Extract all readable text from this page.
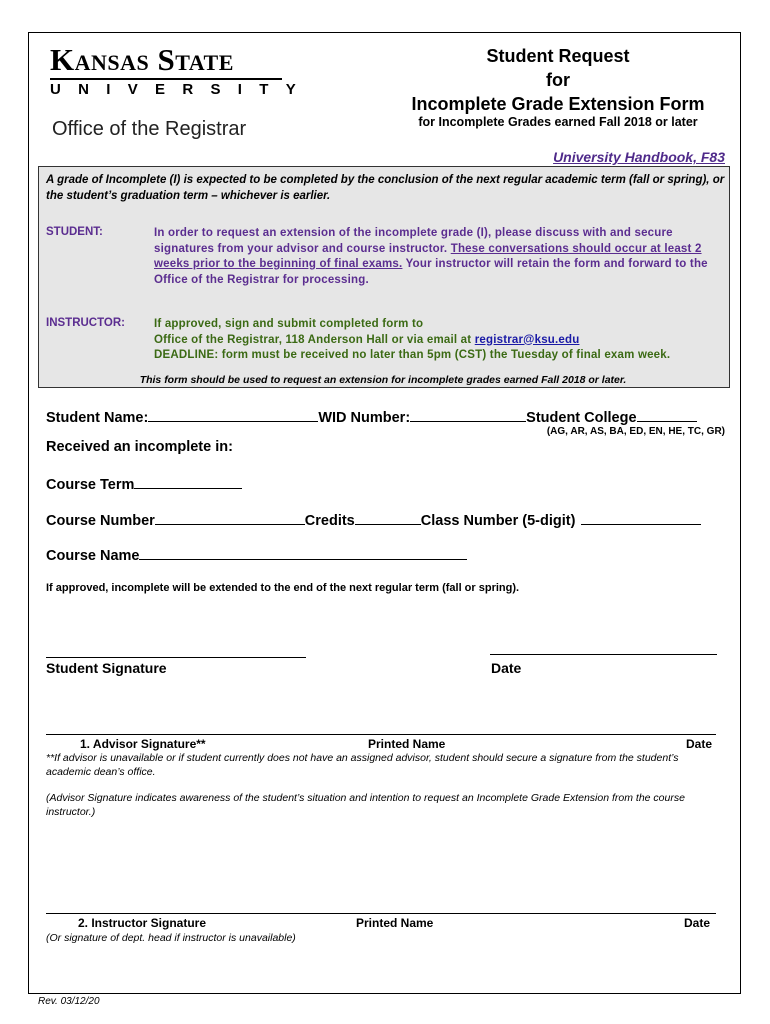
Kansas State
UNIVERSITY
Office of the Registrar
Student Request
for
Incomplete Grade Extension Form
for Incomplete Grades earned Fall 2018 or later
University Handbook, F83
A grade of Incomplete (I) is expected to be completed by the conclusion of the next regular academic term (fall or spring), or the student’s graduation term – whichever is earlier.
STUDENT:	In order to request an extension of the incomplete grade (I), please discuss with and secure signatures from your advisor and course instructor. These conversations should occur at least 2 weeks prior to the beginning of final exams. Your instructor will retain the form and forward to the Office of the Registrar for processing.
INSTRUCTOR:	If approved, sign and submit completed form to
Office of the Registrar, 118 Anderson Hall or via email at registrar@ksu.edu
DEADLINE: form must be received no later than 5pm (CST) the Tuesday of final exam week.
This form should be used to request an extension for incomplete grades earned Fall 2018 or later.
Student Name:	WID Number:	Student College
(AG, AR, AS, BA, ED, EN, HE, TC, GR)
Received an incomplete in:
Course Term
Course Number	Credits	Class Number (5-digit)
Course Name
If approved, incomplete will be extended to the end of the next regular term (fall or spring).
Student Signature	Date
1. Advisor Signature**	Printed Name	Date
**If advisor is unavailable or if student currently does not have an assigned advisor, student should secure a signature from the student’s academic dean’s office.
(Advisor Signature indicates awareness of the student’s situation and intention to request an Incomplete Grade Extension from the course instructor.)
2. Instructor Signature	Printed Name	Date
(Or signature of dept. head if instructor is unavailable)
Rev. 03/12/20
